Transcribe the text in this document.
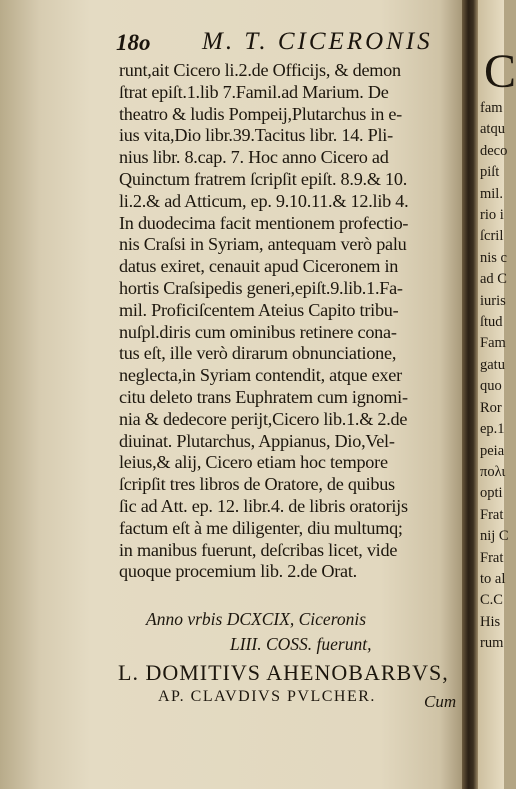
18o M. T. CICERONIS
runt,ait Cicero li.2.de Officijs, & demon
ſtrat epiſt.1.lib 7.Famil.ad Marium. De
theatro & ludis Pompeij,Plutarchus in e-
ius vita,Dio libr.39.Tacitus libr. 14. Pli-
nius libr. 8.cap. 7. Hoc anno Cicero ad
Quinctum fratrem ſcripſit epiſt. 8.9.& 10.
li.2.& ad Atticum, ep. 9.10.11.& 12.lib 4.
In duodecima facit mentionem profectio-
nis Craſsi in Syriam, antequam verò palu
datus exiret, cenauit apud Ciceronem in
hortis Craſsipedis generi,epiſt.9.lib.1.Fa-
mil. Proficiſcentem Ateius Capito tribu-
nuſpl.diris cum ominibus retinere cona-
tus eſt, ille verò dirarum obnunciatione,
neglecta,in Syriam contendit, atque exer
citu deleto trans Euphratem cum ignomi-
nia & dedecore perijt,Cicero lib.1.& 2.de
diuinat. Plutarchus, Appianus, Dio,Vel-
leius,& alij, Cicero etiam hoc tempore
ſcripſit tres libros de Oratore, de quibus
ſic ad Att. ep. 12. libr.4. de libris oratorijs
factum eſt à me diligenter, diu multumq;
in manibus fuerunt, deſcribas licet, vide
quoque procemium lib. 2.de Orat.
Anno vrbis DCXCIX, Ciceronis
LIII. COSS. fuerunt,
L. DOMITIVS AHENOBARBVS,
AP. CLAVDIVS PVLCHER.	Cum
C
fam
atqu
deco
piſt
mil.
rio i
ſcril
nis c
ad C
iuris
ſtud
Fam
gatu
quo
Ror
ep.1
peia
πολι
opti
Frat
nij C
Frat
to al
C.C
His
rum
